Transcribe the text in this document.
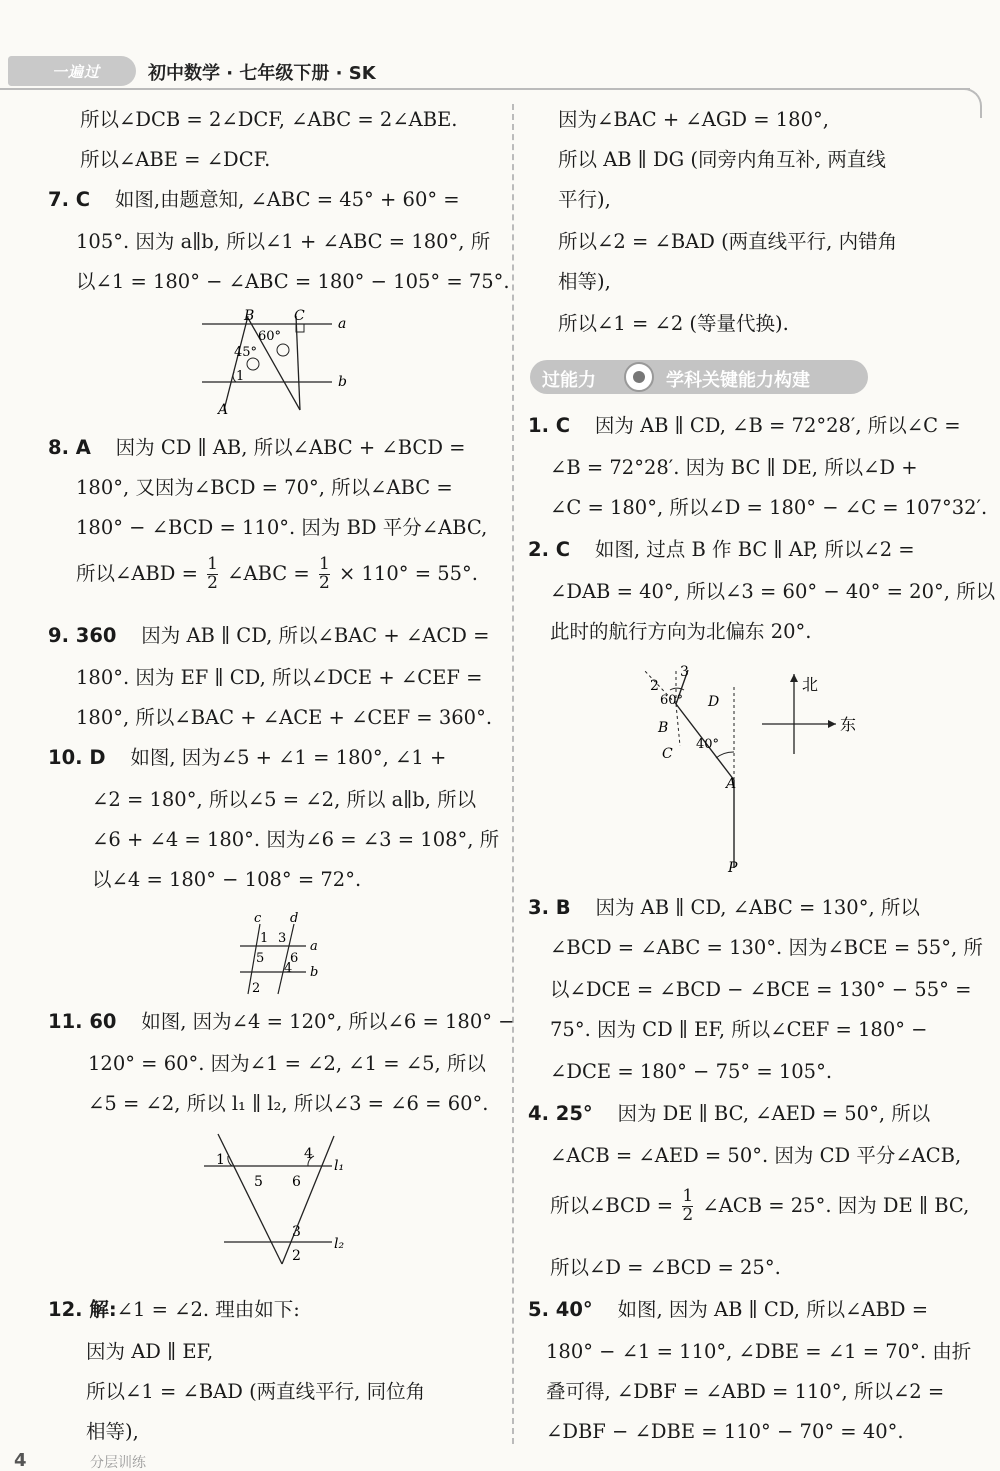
一遍过	初中数学 · 七年级下册 · SK
所以∠DCB = 2∠DCF, ∠ABC = 2∠ABE.
所以∠ABE = ∠DCF.
7. C 如图,由题意知, ∠ABC = 45° + 60° =
105°. 因为 a∥b, 所以∠1 + ∠ABC = 180°, 所
以∠1 = 180° − ∠ABC = 180° − 105° = 75°.
8. A 因为 CD ∥ AB, 所以∠ABC + ∠BCD =
180°, 又因为∠BCD = 70°, 所以∠ABC =
180° − ∠BCD = 110°. 因为 BD 平分∠ABC,
所以∠ABD = $\frac{1}{2}$ ∠ABC = $\frac{1}{2} \times 110^\circ = 55^\circ$.
9. 360 因为 AB ∥ CD, 所以∠BAC + ∠ACD =
180°. 因为 EF ∥ CD, 所以∠DCE + ∠CEF =
180°, 所以∠BAC + ∠ACE + ∠CEF = 360°.
10. D 如图, 因为∠5 + ∠1 = 180°, ∠1 +
∠2 = 180°, 所以∠5 = ∠2, 所以 a∥b, 所以
∠6 + ∠4 = 180°. 因为∠6 = ∠3 = 108°, 所
以∠4 = 180° − 108° = 72°.
11. 60 如图, 因为∠4 = 120°, 所以∠6 = 180° −
120° = 60°. 因为∠1 = ∠2, ∠1 = ∠5, 所以
∠5 = ∠2, 所以 l₁ ∥ l₂, 所以∠3 = ∠6 = 60°.
12. 解:∠1 = ∠2. 理由如下:
因为 AD ∥ EF,
所以∠1 = ∠BAD (两直线平行, 同位角
相等),
B	C a
b
A
60°
45°
1
c d
a
b
1 3
5 6
4
2
1	4
5 6
l₁
3
2
l₂
因为∠BAC + ∠AGD = 180°,
所以 AB ∥ DG (同旁内角互补, 两直线
平行),
所以∠2 = ∠BAD (两直线平行, 内错角
相等),
所以∠1 = ∠2 (等量代换).
1. C 因为 AB ∥ CD, ∠B = 72°28′, 所以∠C =
∠B = 72°28′. 因为 BC ∥ DE, 所以∠D +
∠C = 180°, 所以∠D = 180° − ∠C = 107°32′.
2. C 如图, 过点 B 作 BC ∥ AP, 所以∠2 =
∠DAB = 40°, 所以∠3 = 60° − 40° = 20°, 所以
此时的航行方向为北偏东 20°.
3. B 因为 AB ∥ CD, ∠ABC = 130°, 所以
∠BCD = ∠ABC = 130°. 因为∠BCE = 55°, 所
以∠DCE = ∠BCD − ∠BCE = 130° − 55° =
75°. 因为 CD ∥ EF, 所以∠CEF = 180° −
∠DCE = 180° − 75° = 105°.
4. 25° 因为 DE ∥ BC, ∠AED = 50°, 所以
∠ACB = ∠AED = 50°. 因为 CD 平分∠ACB,
所以∠BCD = $\frac{1}{2}$ ∠ACB = 25°. 因为 DE ∥ BC,
所以∠D = ∠BCD = 25°.
5. 40° 如图, 因为 AB ∥ CD, 所以∠ABD =
180° − ∠1 = 110°, ∠DBE = ∠1 = 70°. 由折
叠可得, ∠DBF = ∠ABD = 110°, 所以∠2 =
∠DBF − ∠DBE = 110° − 70° = 40°.
过能力	学科关键能力构建
2
3
60° D
B
C
40°
A
P
北
东
4	分层训练
